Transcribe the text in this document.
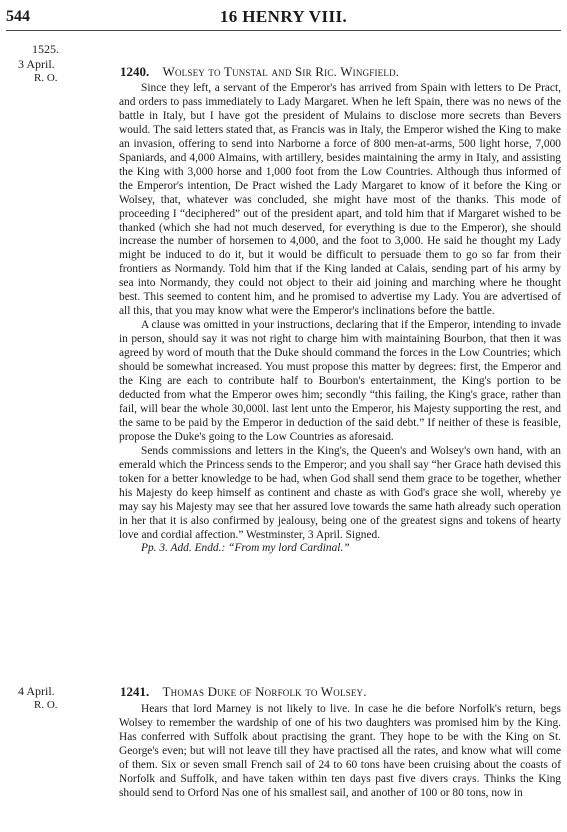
544	16 HENRY VIII.

1525.
3 April.
R. O.	1240. Wolsey to Tunstal and Sir Ric. Wingfield.

Since they left, a servant of the Emperor's has arrived from Spain with letters to De Pract, and orders to pass immediately to Lady Margaret. When he left Spain, there was no news of the battle in Italy, but I have got the president of Mulains to disclose more secrets than Bevers would. The said letters stated that, as Francis was in Italy, the Emperor wished the King to make an invasion, offering to send into Narborne a force of 800 men-at-arms, 500 light horse, 7,000 Spaniards, and 4,000 Almains, with artillery, besides maintaining the army in Italy, and assisting the King with 3,000 horse and 1,000 foot from the Low Countries. Although thus informed of the Emperor's intention, De Pract wished the Lady Margaret to know of it before the King or Wolsey, that, whatever was concluded, she might have most of the thanks. This mode of proceeding I “deciphered” out of the president apart, and told him that if Margaret wished to be thanked (which she had not much deserved, for everything is due to the Emperor), she should increase the number of horsemen to 4,000, and the foot to 3,000. He said he thought my Lady might be induced to do it, but it would be difficult to persuade them to go so far from their frontiers as Normandy. Told him that if the King landed at Calais, sending part of his army by sea into Normandy, they could not object to their aid joining and marching where he thought best. This seemed to content him, and he promised to advertise my Lady. You are advertised of all this, that you may know what were the Emperor's inclinations before the battle.

A clause was omitted in your instructions, declaring that if the Emperor, intending to invade in person, should say it was not right to charge him with maintaining Bourbon, that then it was agreed by word of mouth that the Duke should command the forces in the Low Countries; which should be somewhat increased. You must propose this matter by degrees: first, the Emperor and the King are each to contribute half to Bourbon's entertainment, the King's portion to be deducted from what the Emperor owes him; secondly “this failing, the King's grace, rather than fail, will bear the whole 30,000l. last lent unto the Emperor, his Majesty supporting the rest, and the same to be paid by the Emperor in deduction of the said debt.” If neither of these is feasible, propose the Duke's going to the Low Countries as aforesaid.

Sends commissions and letters in the King's, the Queen's and Wolsey's own hand, with an emerald which the Princess sends to the Emperor; and you shall say “her Grace hath devised this token for a better knowledge to be had, when God shall send them grace to be together, whether his Majesty do keep himself as continent and chaste as with God's grace she woll, whereby ye may say his Majesty may see that her assured love towards the same hath already such operation in her that it is also confirmed by jealousy, being one of the greatest signs and tokens of hearty love and cordial affection.” Westminster, 3 April. Signed.

Pp. 3. Add. Endd.: “From my lord Cardinal.”

4 April.
R. O.
1241. Thomas Duke of Norfolk to Wolsey.

Hears that lord Marney is not likely to live. In case he die before Norfolk's return, begs Wolsey to remember the wardship of one of his two daughters was promised him by the King. Has conferred with Suffolk about practising the grant. They hope to be with the King on St. George's even; but will not leave till they have practised all the rates, and know what will come of them. Six or seven small French sail of 24 to 60 tons have been cruising about the coasts of Norfolk and Suffolk, and have taken within ten days past five divers crays. Thinks the King should send to Orford Nas one of his smallest sail, and another of 100 or 80 tons, now in
